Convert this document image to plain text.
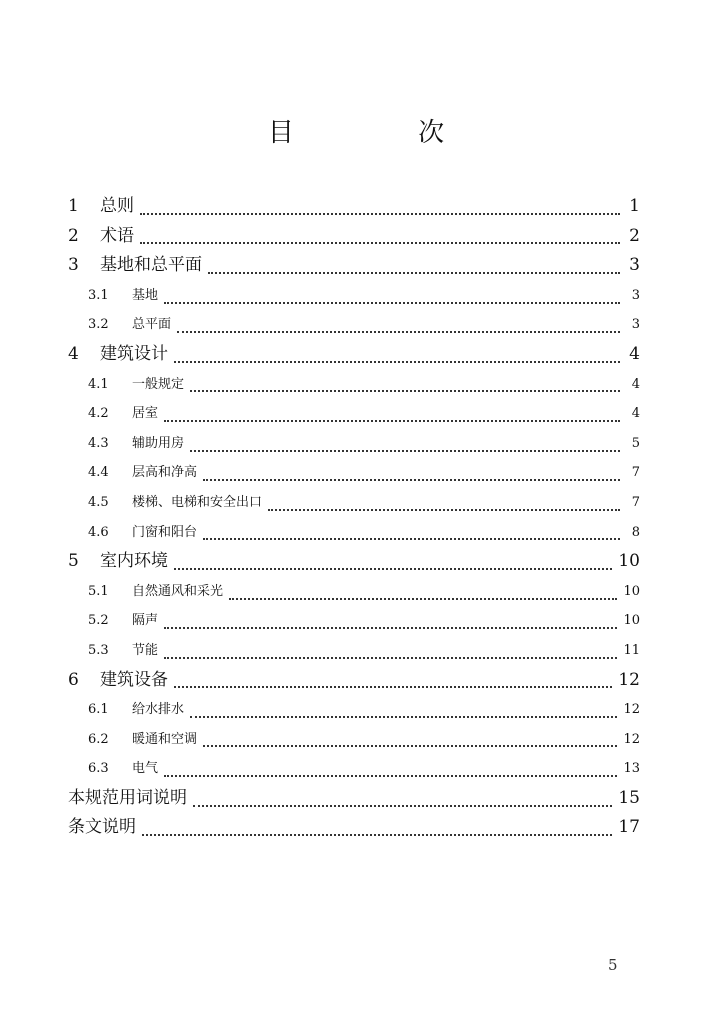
目 次
1	总则	1
2	术语	2
3	基地和总平面	3
3.1	基地	3
3.2	总平面	3
4	建筑设计	4
4.1	一般规定	4
4.2	居室	4
4.3	辅助用房	5
4.4	层高和净高	7
4.5	楼梯、电梯和安全出口	7
4.6	门窗和阳台	8
5	室内环境	10
5.1	自然通风和采光	10
5.2	隔声	10
5.3	节能	11
6	建筑设备	12
6.1	给水排水	12
6.2	暖通和空调	12
6.3	电气	13
本规范用词说明	15
条文说明	17
5
